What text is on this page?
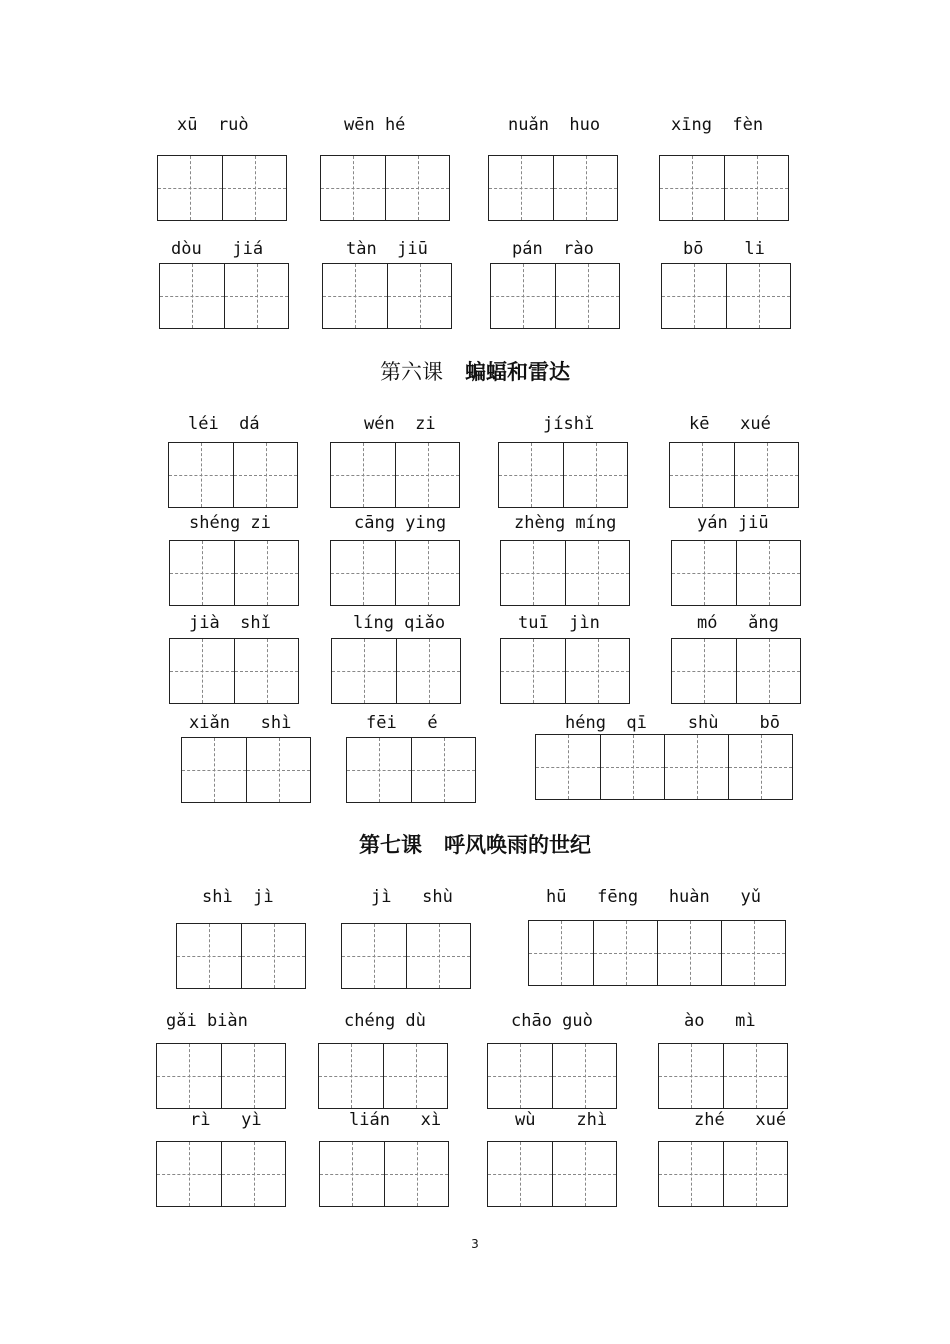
xū  ruò	wēn hé	nuǎn  huo	xīng  fèn
dòu   jiá	tàn  jiū	pán  rào	bō    li
第六课 蝙蝠和雷达
léi  dá	wén  zi	jíshǐ	kē   xué
shéng zi	cāng ying	zhèng míng	yán jiū
jià  shǐ	líng qiǎo	tuī  jìn	mó   ǎng
xiǎn   shì	fēi   é	héng  qī    shù    bō
第七课 呼风唤雨的世纪
shì  jì	jì   shù	hū   fēng   huàn   yǔ
gǎi biàn	chéng dù	chāo guò	ào   mì
rì   yì	lián   xì	wù    zhì	zhé   xué
3
